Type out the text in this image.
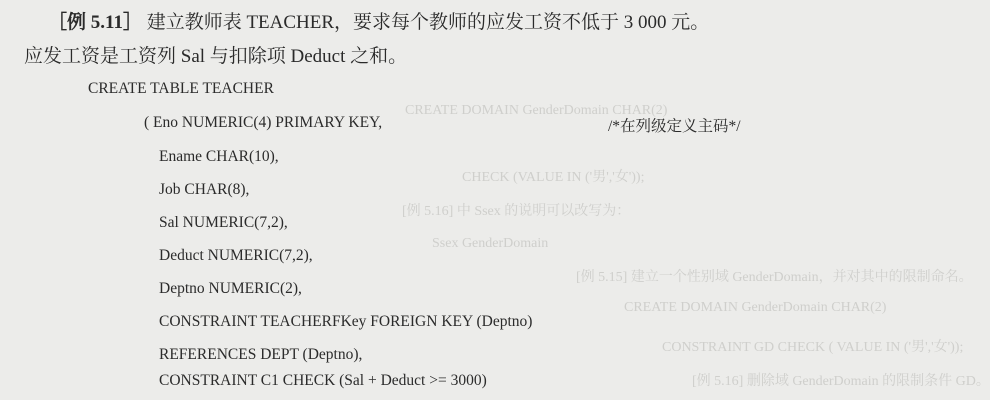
CREATE DOMAIN GenderDomain CHAR(2)
CHECK (VALUE IN ('男','女'));
[例 5.16] 中 Ssex 的说明可以改写为：
Ssex GenderDomain
[例 5.15] 建立一个性别域 GenderDomain，并对其中的限制命名。
CREATE DOMAIN GenderDomain CHAR(2)
CONSTRAINT GD CHECK ( VALUE IN ('男','女'));
[例 5.16] 删除域 GenderDomain 的限制条件 GD。
［例 5.11］ 建立教师表 TEACHER，要求每个教师的应发工资不低于 3 000 元。
应发工资是工资列 Sal 与扣除项 Deduct 之和。
CREATE TABLE TEACHER
( Eno NUMERIC(4) PRIMARY KEY,	/*在列级定义主码*/
Ename CHAR(10),
Job CHAR(8),
Sal NUMERIC(7,2),
Deduct NUMERIC(7,2),
Deptno NUMERIC(2),
CONSTRAINT TEACHERFKey FOREIGN KEY (Deptno)
REFERENCES DEPT (Deptno),
CONSTRAINT C1 CHECK (Sal + Deduct >= 3000)
